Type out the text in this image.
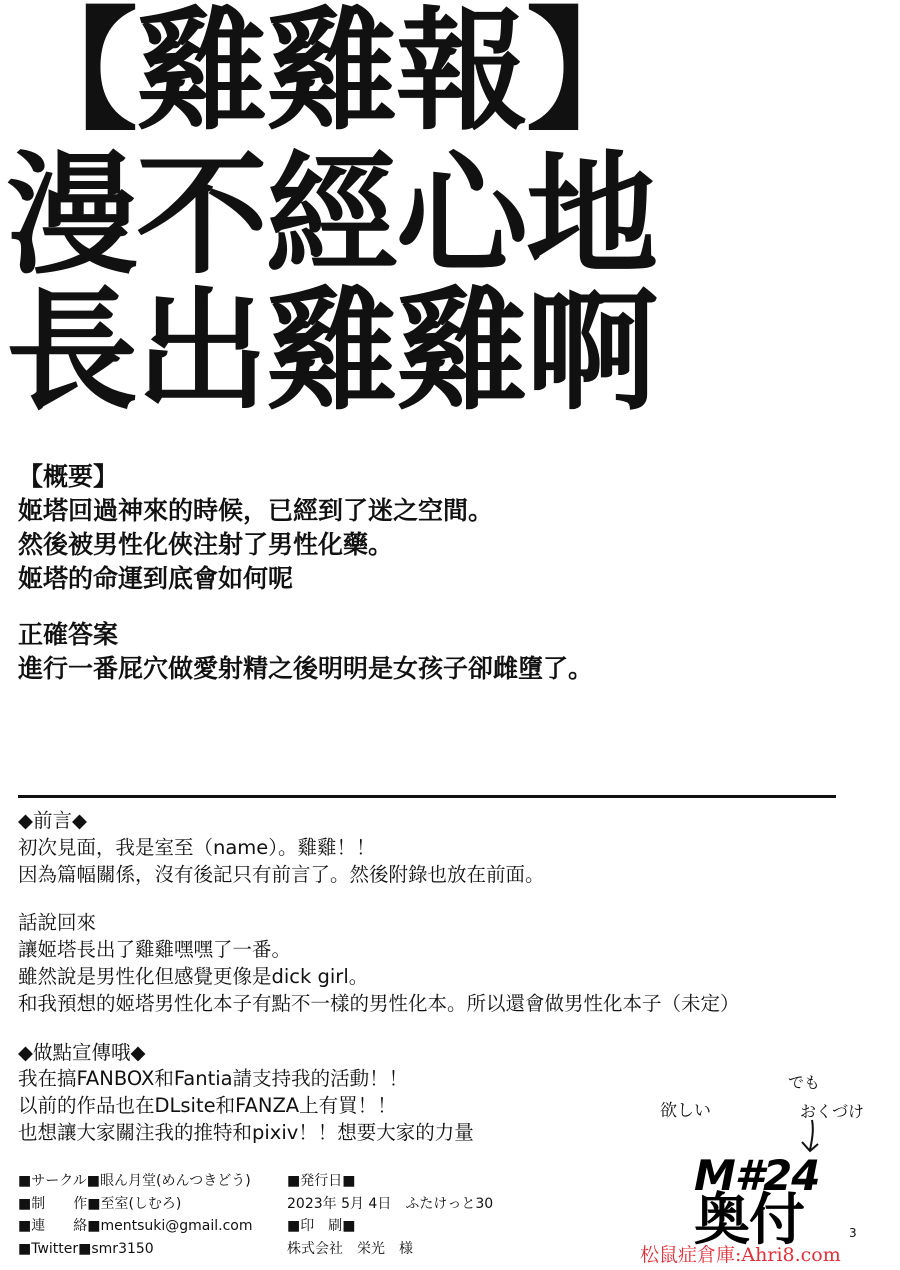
【雞雞報】
漫不經心地
長出雞雞啊

【概要】

姬塔回過神來的時候，已經到了迷之空間。

然後被男性化俠注射了男性化藥。

姬塔的命運到底會如何呢

正確答案

進行一番屁穴做愛射精之後明明是女孩子卻雌墮了。

◆前言◆

初次見面，我是室至（name）。雞雞！！

因為篇幅關係，沒有後記只有前言了。然後附錄也放在前面。

話說回來

讓姬塔長出了雞雞嘿嘿了一番。

雖然說是男性化但感覺更像是dick girl。

和我預想的姬塔男性化本子有點不一樣的男性化本。所以還會做男性化本子（未定）

◆做點宣傳哦◆

我在搞FANBOX和Fantia請支持我的活動！！

以前的作品也在DLsite和FANZA上有買！！

也想讓大家關注我的推特和pixiv！！想要大家的力量

欲しい
でも
おくづけ

■サークル■眼ん月堂(めんつきどう)

■制　　作■至室(しむろ)

■連　　絡■mentsuki@gmail.com

■Twitter■smr3150

■発行日■

2023年 5月 4日　ふたけっと30

■印　刷■

株式会社　栄光　様

M#24
奥付	3
松鼠症倉庫:Ahri8.com
